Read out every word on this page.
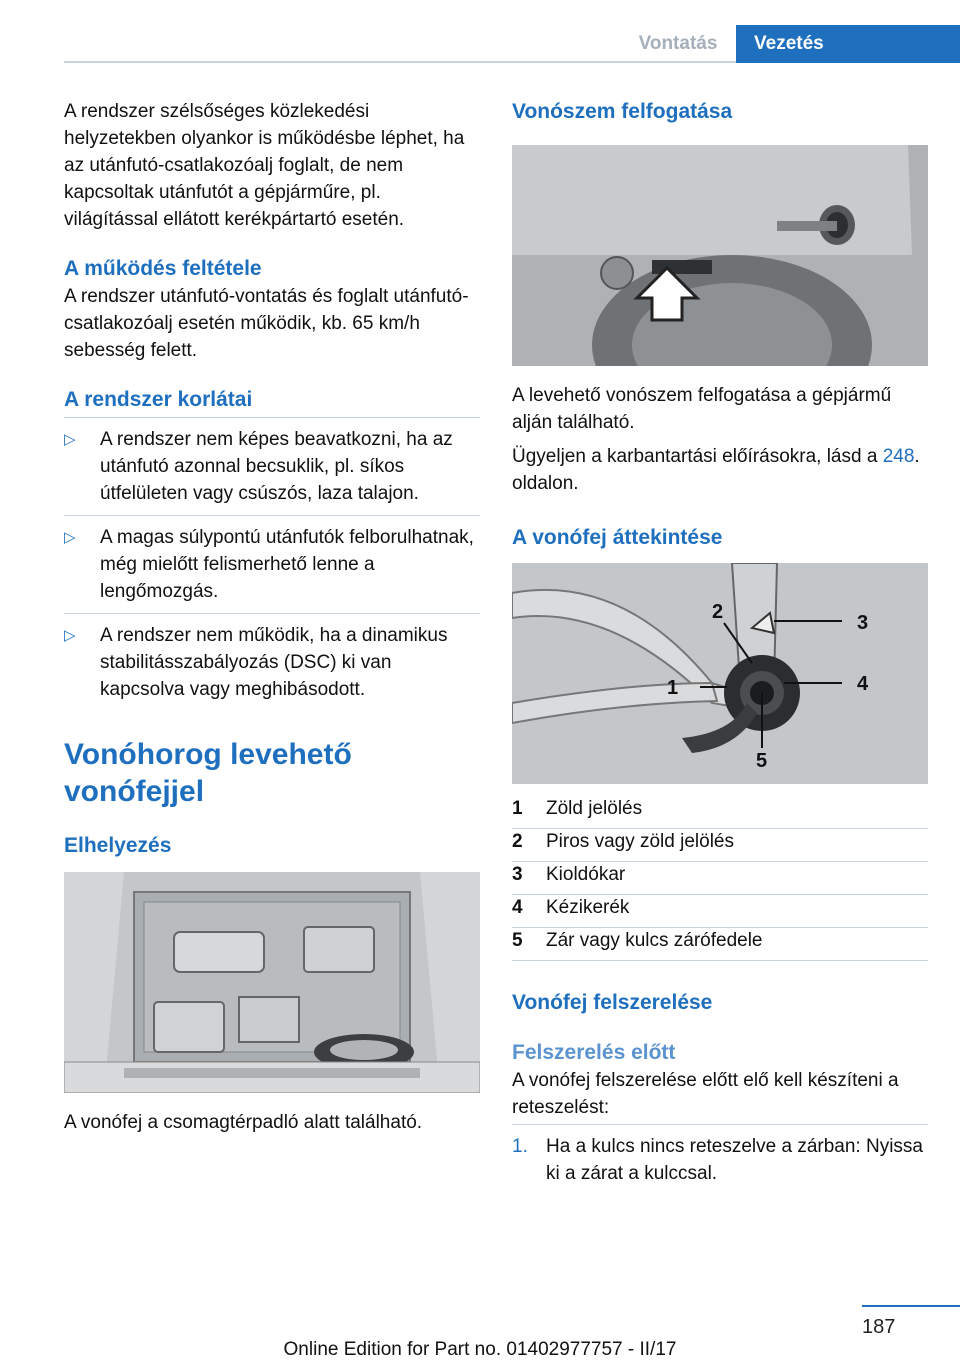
Vontatás	Vezetés

A rendszer szélsőséges közlekedési helyzetekben olyankor is működésbe léphet, ha az utánfutó-csatlakozóalj foglalt, de nem kapcsoltak utánfutót a gépjárműre, pl. világítással ellátott kerékpártartó esetén.

A működés feltétele

A rendszer utánfutó-vontatás és foglalt utánfutó-csatlakozóalj esetén működik, kb. 65 km/h sebesség felett.

A rendszer korlátai
▷ A rendszer nem képes beavatkozni, ha az utánfutó azonnal becsuklik, pl. síkos útfelületen vagy csúszós, laza talajon.
▷ A magas súlypontú utánfutók felborulhatnak, még mielőtt felismerhető lenne a lengőmozgás.
▷ A rendszer nem működik, ha a dinamikus stabilitásszabályozás (DSC) ki van kapcsolva vagy meghibásodott.
Vonóhorog levehető vonófejjel
Elhelyezés

A vonófej a csomagtérpadló alatt található.

Vonószem felfogatása

A levehető vonószem felfogatása a gépjármű alján található.

Ügyeljen a karbantartási előírásokra, lásd a 248. oldalon.

A vonófej áttekintése
2	3
1	4
5
1	Zöld jelölés
2	Piros vagy zöld jelölés
3	Kioldókar
4	Kézikerék
5	Zár vagy kulcs zárófedele
Vonófej felszerelése
Felszerelés előtt

A vonófej felszerelése előtt elő kell készíteni a reteszelést:

1. Ha a kulcs nincs reteszelve a zárban: Nyissa ki a zárat a kulccsal.
187
Online Edition for Part no. 01402977757 - II/17
